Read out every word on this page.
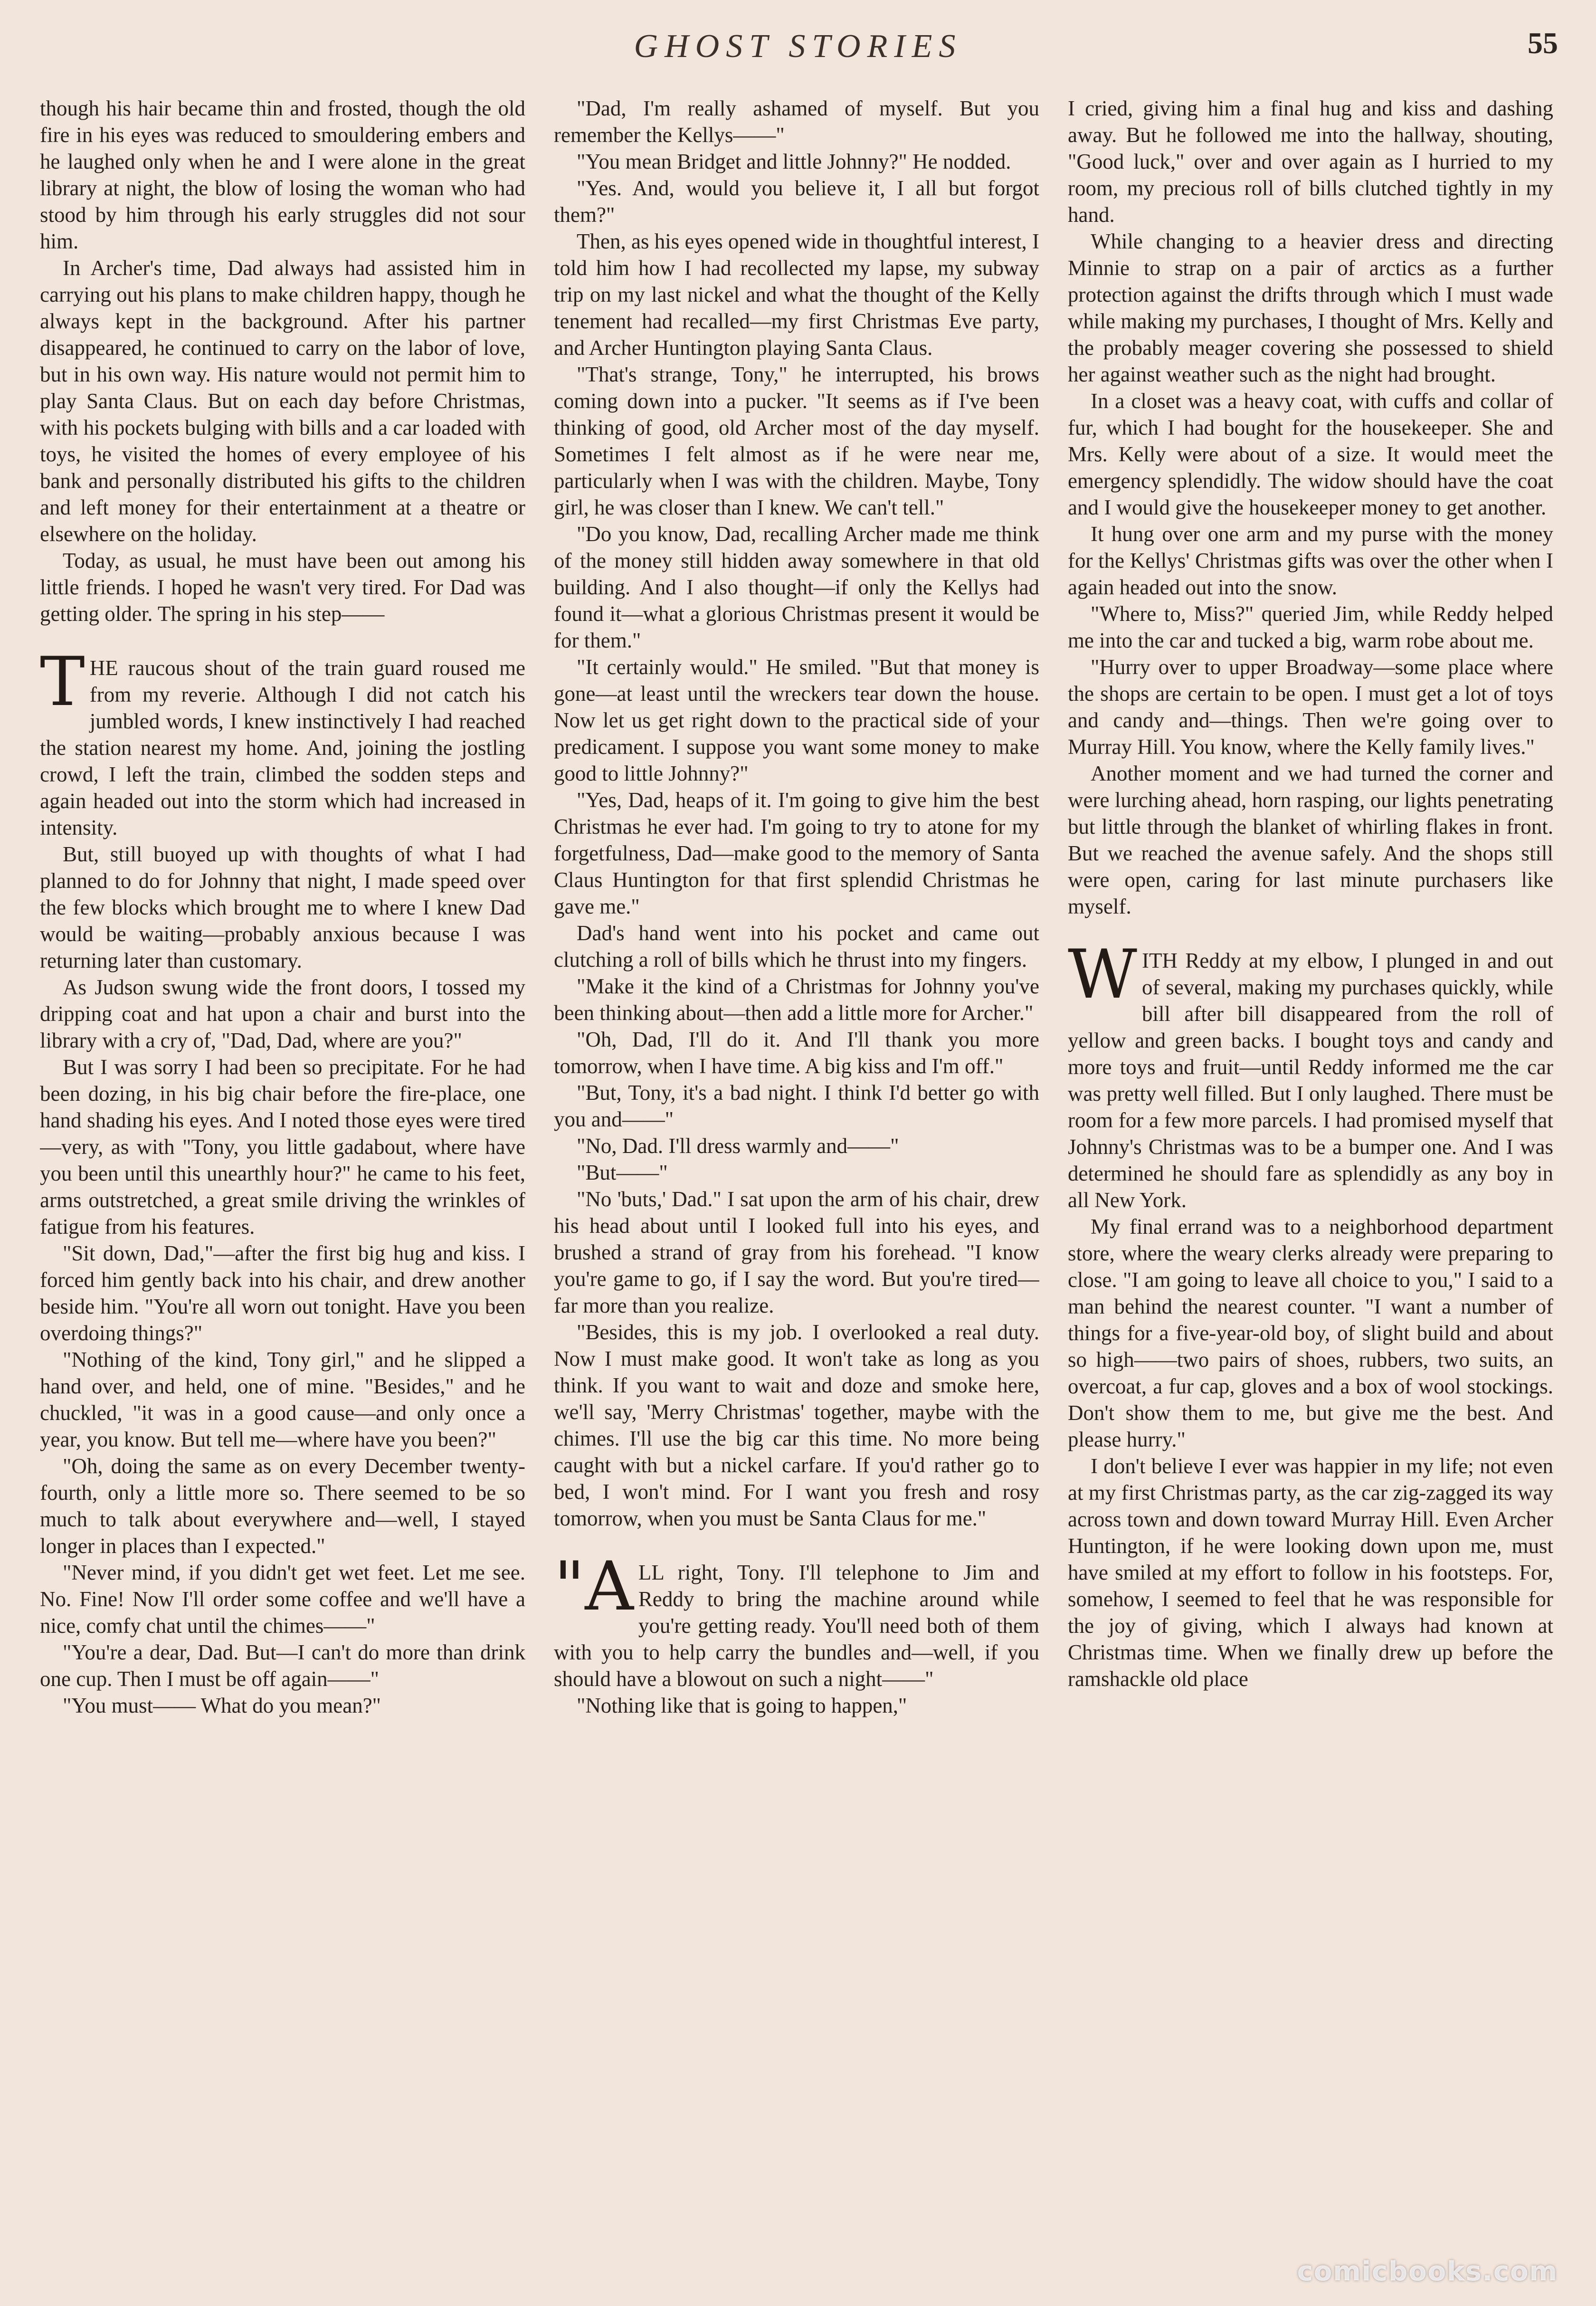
GHOST STORIES	55

though his hair became thin and frosted, though the old fire in his eyes was reduced to smouldering embers and he laughed only when he and I were alone in the great library at night, the blow of losing the woman who had stood by him through his early struggles did not sour him.

In Archer's time, Dad always had assisted him in carrying out his plans to make children happy, though he always kept in the background. After his partner disappeared, he continued to carry on the labor of love, but in his own way. His nature would not permit him to play Santa Claus. But on each day before Christmas, with his pockets bulging with bills and a car loaded with toys, he visited the homes of every employee of his bank and personally distributed his gifts to the children and left money for their entertainment at a theatre or elsewhere on the holiday.

Today, as usual, he must have been out among his little friends. I hoped he wasn't very tired. For Dad was getting older. The spring in his step——

THE raucous shout of the train guard roused me from my reverie. Although I did not catch his jumbled words, I knew instinctively I had reached the station nearest my home. And, joining the jostling crowd, I left the train, climbed the sodden steps and again headed out into the storm which had increased in intensity.

But, still buoyed up with thoughts of what I had planned to do for Johnny that night, I made speed over the few blocks which brought me to where I knew Dad would be waiting—probably anxious because I was returning later than customary.

As Judson swung wide the front doors, I tossed my dripping coat and hat upon a chair and burst into the library with a cry of, "Dad, Dad, where are you?"

But I was sorry I had been so precipitate. For he had been dozing, in his big chair before the fire-place, one hand shading his eyes. And I noted those eyes were tired—very, as with "Tony, you little gadabout, where have you been until this unearthly hour?" he came to his feet, arms outstretched, a great smile driving the wrinkles of fatigue from his features.

"Sit down, Dad,"—after the first big hug and kiss. I forced him gently back into his chair, and drew another beside him. "You're all worn out tonight. Have you been overdoing things?"

"Nothing of the kind, Tony girl," and he slipped a hand over, and held, one of mine. "Besides," and he chuckled, "it was in a good cause—and only once a year, you know. But tell me—where have you been?"

"Oh, doing the same as on every December twenty-fourth, only a little more so. There seemed to be so much to talk about everywhere and—well, I stayed longer in places than I expected."

"Never mind, if you didn't get wet feet. Let me see. No. Fine! Now I'll order some coffee and we'll have a nice, comfy chat until the chimes——"

"You're a dear, Dad. But—I can't do more than drink one cup. Then I must be off again——"

"You must—— What do you mean?"

"Dad, I'm really ashamed of myself. But you remember the Kellys——"

"You mean Bridget and little Johnny?" He nodded.

"Yes. And, would you believe it, I all but forgot them?"

Then, as his eyes opened wide in thoughtful interest, I told him how I had recollected my lapse, my subway trip on my last nickel and what the thought of the Kelly tenement had recalled—my first Christmas Eve party, and Archer Huntington playing Santa Claus.

"That's strange, Tony," he interrupted, his brows coming down into a pucker. "It seems as if I've been thinking of good, old Archer most of the day myself. Sometimes I felt almost as if he were near me, particularly when I was with the children. Maybe, Tony girl, he was closer than I knew. We can't tell."

"Do you know, Dad, recalling Archer made me think of the money still hidden away somewhere in that old building. And I also thought—if only the Kellys had found it—what a glorious Christmas present it would be for them."

"It certainly would." He smiled. "But that money is gone—at least until the wreckers tear down the house. Now let us get right down to the practical side of your predicament. I suppose you want some money to make good to little Johnny?"

"Yes, Dad, heaps of it. I'm going to give him the best Christmas he ever had. I'm going to try to atone for my forgetfulness, Dad—make good to the memory of Santa Claus Huntington for that first splendid Christmas he gave me."

Dad's hand went into his pocket and came out clutching a roll of bills which he thrust into my fingers.

"Make it the kind of a Christmas for Johnny you've been thinking about—then add a little more for Archer."

"Oh, Dad, I'll do it. And I'll thank you more tomorrow, when I have time. A big kiss and I'm off."

"But, Tony, it's a bad night. I think I'd better go with you and——"

"No, Dad. I'll dress warmly and——"

"But——"

"No 'buts,' Dad." I sat upon the arm of his chair, drew his head about until I looked full into his eyes, and brushed a strand of gray from his forehead. "I know you're game to go, if I say the word. But you're tired—far more than you realize.

"Besides, this is my job. I overlooked a real duty. Now I must make good. It won't take as long as you think. If you want to wait and doze and smoke here, we'll say, 'Merry Christmas' together, maybe with the chimes. I'll use the big car this time. No more being caught with but a nickel carfare. If you'd rather go to bed, I won't mind. For I want you fresh and rosy tomorrow, when you must be Santa Claus for me."

"ALL right, Tony. I'll telephone to Jim and Reddy to bring the machine around while you're getting ready. You'll need both of them with you to help carry the bundles and—well, if you should have a blowout on such a night——"

"Nothing like that is going to happen,"

I cried, giving him a final hug and kiss and dashing away. But he followed me into the hallway, shouting, "Good luck," over and over again as I hurried to my room, my precious roll of bills clutched tightly in my hand.

While changing to a heavier dress and directing Minnie to strap on a pair of arctics as a further protection against the drifts through which I must wade while making my purchases, I thought of Mrs. Kelly and the probably meager covering she possessed to shield her against weather such as the night had brought.

In a closet was a heavy coat, with cuffs and collar of fur, which I had bought for the housekeeper. She and Mrs. Kelly were about of a size. It would meet the emergency splendidly. The widow should have the coat and I would give the housekeeper money to get another.

It hung over one arm and my purse with the money for the Kellys' Christmas gifts was over the other when I again headed out into the snow.

"Where to, Miss?" queried Jim, while Reddy helped me into the car and tucked a big, warm robe about me.

"Hurry over to upper Broadway—some place where the shops are certain to be open. I must get a lot of toys and candy and—things. Then we're going over to Murray Hill. You know, where the Kelly family lives."

Another moment and we had turned the corner and were lurching ahead, horn rasping, our lights penetrating but little through the blanket of whirling flakes in front. But we reached the avenue safely. And the shops still were open, caring for last minute purchasers like myself.

WITH Reddy at my elbow, I plunged in and out of several, making my purchases quickly, while bill after bill disappeared from the roll of yellow and green backs. I bought toys and candy and more toys and fruit—until Reddy informed me the car was pretty well filled. But I only laughed. There must be room for a few more parcels. I had promised myself that Johnny's Christmas was to be a bumper one. And I was determined he should fare as splendidly as any boy in all New York.

My final errand was to a neighborhood department store, where the weary clerks already were preparing to close. "I am going to leave all choice to you," I said to a man behind the nearest counter. "I want a number of things for a five-year-old boy, of slight build and about so high——two pairs of shoes, rubbers, two suits, an overcoat, a fur cap, gloves and a box of wool stockings. Don't show them to me, but give me the best. And please hurry."

I don't believe I ever was happier in my life; not even at my first Christmas party, as the car zig-zagged its way across town and down toward Murray Hill. Even Archer Huntington, if he were looking down upon me, must have smiled at my effort to follow in his footsteps. For, somehow, I seemed to feel that he was responsible for the joy of giving, which I always had known at Christmas time. When we finally drew up before the ramshackle old place

comicbooks.com
